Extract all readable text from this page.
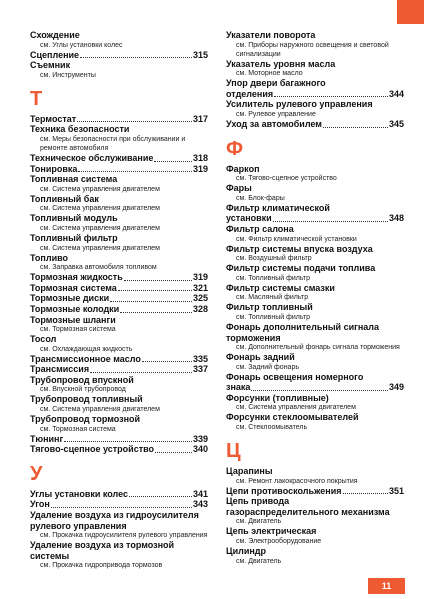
Схождение
см. Углы установки колес
Сцепление	315
Съемник
см. Инструменты
Т
Термостат	317
Техника безопасности
см. Меры безопасности при обслуживании и ремонте автомобиля
Техническое обслуживание	318
Тонировка	319
Топливная система
см. Система управления двигателем
Топливный бак
см. Система управления двигателем
Топливный модуль
см. Система управления двигателем
Топливный фильтр
см. Система управления двигателем
Топливо
см. Заправка автомобиля топливом
Тормозная жидкость	319
Тормозная система	321
Тормозные диски	325
Тормозные колодки	328
Тормозные шланги
см. Тормозная система
Тосол
см. Охлаждающая жидкость
Трансмиссионное масло	335
Трансмиссия	337
Трубопровод впускной
см. Впускной трубопровод
Трубопровод топливный
см. Система управления двигателем
Трубопровод тормозной
см. Тормозная система
Тюнинг	339
Тягово-сцепное устройство	340
У
Углы установки колес	341
Угон	343
Удаление воздуха из гидроусилителя рулевого управления
см. Прокачка гидроусилителя рулевого управления
Удаление воздуха из тормозной системы
см. Прокачка гидропривода тормозов
Указатели поворота
см. Приборы наружного освещения и световой сигнализации
Указатель уровня масла
см. Моторное масло
Упор двери багажного
отделения	344
Усилитель рулевого управления
см. Рулевое управление
Уход за автомобилем	345
Ф
Фаркоп
см. Тягово-сцепное устройство
Фары
см. Блок-фары
Фильтр климатической
установки	348
Фильтр салона
см. Фильтр климатической установки
Фильтр системы впуска воздуха
см. Воздушный фильтр
Фильтр системы подачи топлива
см. Топливный фильтр
Фильтр системы смазки
см. Масляный фильтр
Фильтр топливный
см. Топливный фильтр
Фонарь дополнительный сигнала торможения
см. Дополнительный фонарь сигнала торможения
Фонарь задний
см. Задний фонарь
Фонарь освещения номерного
знака	349
Форсунки (топливные)
см. Система управления двигателем
Форсунки стеклоомывателей
см. Стеклоомыватель
Ц
Царапины
см. Ремонт лакокрасочного покрытия
Цепи противоскольжения	351
Цепь привода газораспределительного механизма
см. Двигатель
Цепь электрическая
см. Электрооборудование
Цилиндр
см. Двигатель
11
